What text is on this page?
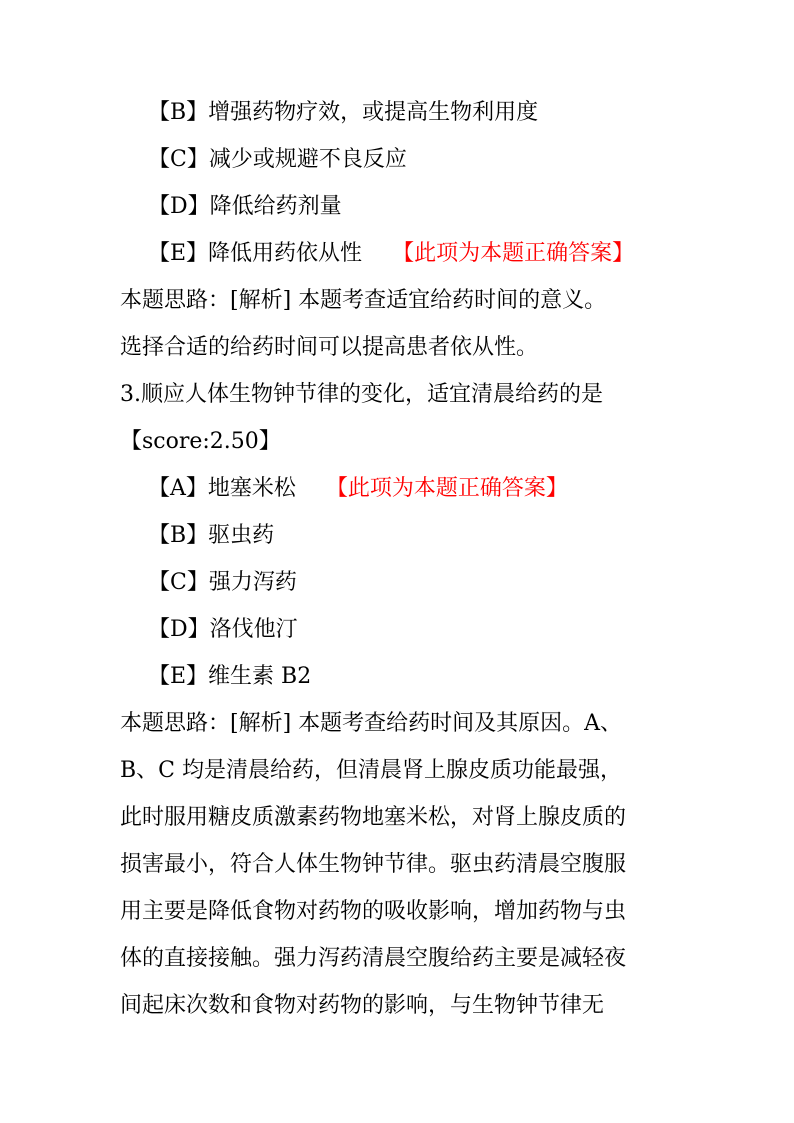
【B】增强药物疗效，或提高生物利用度
【C】减少或规避不良反应
【D】降低给药剂量
【E】降低用药依从性 【此项为本题正确答案】
本题思路：[解析] 本题考查适宜给药时间的意义。
选择合适的给药时间可以提高患者依从性。
3.顺应人体生物钟节律的变化，适宜清晨给药的是
【score:2.50】
【A】地塞米松 【此项为本题正确答案】
【B】驱虫药
【C】强力泻药
【D】洛伐他汀
【E】维生素 B2
本题思路：[解析] 本题考查给药时间及其原因。A、
B、C 均是清晨给药，但清晨肾上腺皮质功能最强，
此时服用糖皮质激素药物地塞米松，对肾上腺皮质的
损害最小，符合人体生物钟节律。驱虫药清晨空腹服
用主要是降低食物对药物的吸收影响，增加药物与虫
体的直接接触。强力泻药清晨空腹给药主要是减轻夜
间起床次数和食物对药物的影响，与生物钟节律无
